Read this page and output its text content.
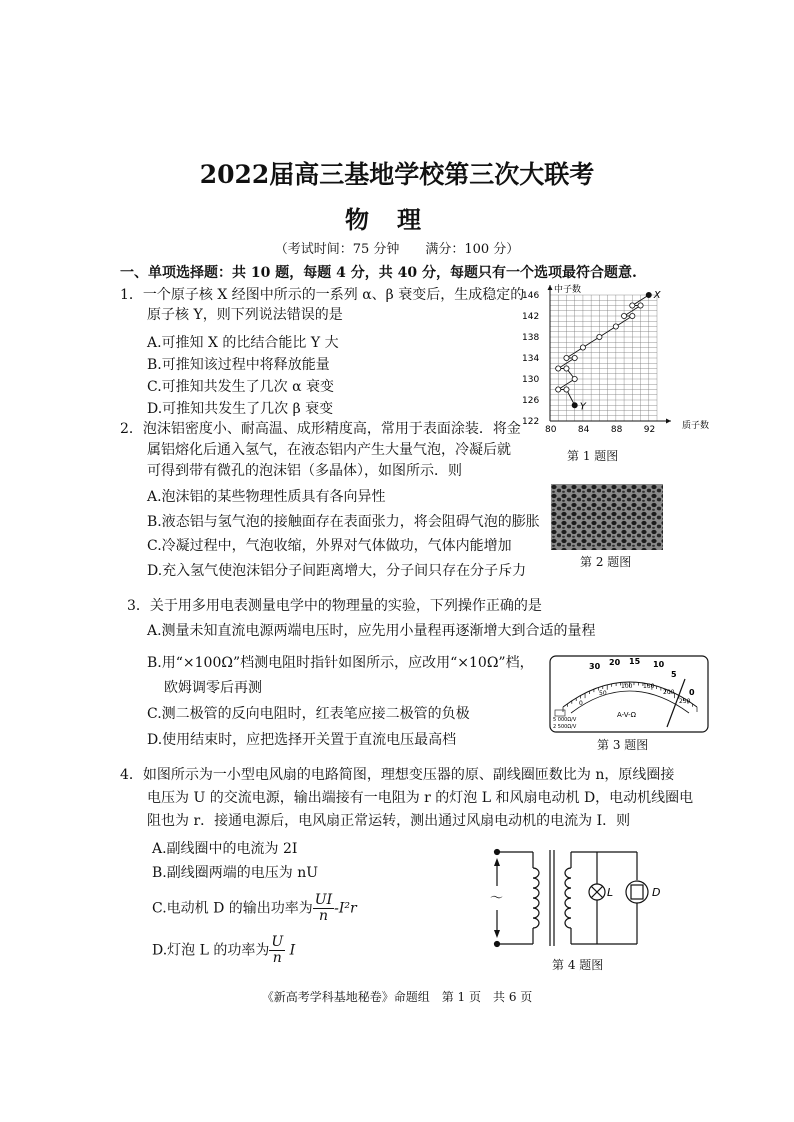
2022届高三基地学校第三次大联考
物理
（考试时间：75 分钟　　满分：100 分）
一、单项选择题：共 10 题，每题 4 分，共 40 分，每题只有一个选项最符合题意.
1．一个原子核 X 经图中所示的一系列 α、β 衰变后，生成稳定的
原子核 Y，则下列说法错误的是
A.可推知 X 的比结合能比 Y 大
B.可推知该过程中将释放能量
C.可推知共发生了几次 α 衰变
D.可推知共发生了几次 β 衰变
80 84 88 92
122
126
130
134
138
142
146	X
Y
中子数
质子数
第 1 题图
2．泡沫铝密度小、耐高温、成形精度高，常用于表面涂装．将金
属铝熔化后通入氢气，在液态铝内产生大量气泡，冷凝后就
可得到带有微孔的泡沫铝（多晶体），如图所示．则
A.泡沫铝的某些物理性质具有各向异性
B.液态铝与氢气泡的接触面存在表面张力，将会阻碍气泡的膨胀
C.冷凝过程中，气泡收缩，外界对气体做功，气体内能增加
D.充入氢气使泡沫铝分子间距离增大，分子间只存在分子斥力
第 2 题图
3．关于用多用电表测量电学中的物理量的实验，下列操作正确的是
A.测量未知直流电源两端电压时，应先用小量程再逐渐增大到合适的量程
B.用“×100Ω”档测电阻时指针如图所示，应改用“×10Ω”档，
欧姆调零后再测
C.测二极管的反向电阻时，红表笔应接二极管的负极
D.使用结束时，应把选择开关置于直流电压最高档
30 20 15 10
5
0
0
50
100 150
200
250
A-V-Ω
5 000Ω/V
2 500Ω/V
第 3 题图
4．如图所示为一小型电风扇的电路简图，理想变压器的原、副线圈匝数比为 n，原线圈接
电压为 U 的交流电源，输出端接有一电阻为 r 的灯泡 L 和风扇电动机 D，电动机线圈电
阻也为 r．接通电源后，电风扇正常运转，测出通过风扇电动机的电流为 I．则
A.副线圈中的电流为 2I
B.副线圈两端的电压为 nU
C.电动机 D 的输出功率为 $\frac{UI}{n} -I^2r$
D.灯泡 L 的功率为 $\frac{U}{n}$ I
～	L	D
第 4 题图
《新高考学科基地秘卷》命题组　第 1 页　共 6 页
